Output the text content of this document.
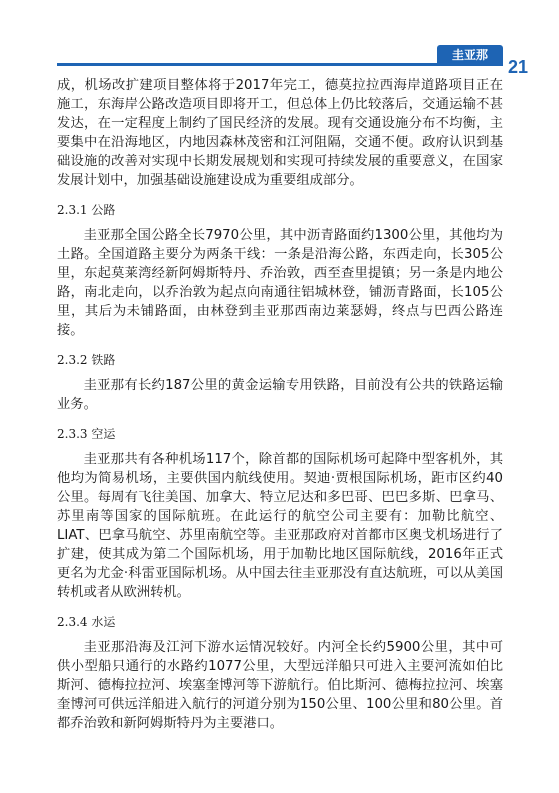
圭亚那
21

成，机场改扩建项目整体将于2017年完工，德莫拉拉西海岸道路项目正在施工，东海岸公路改造项目即将开工，但总体上仍比较落后，交通运输不甚发达，在一定程度上制约了国民经济的发展。现有交通设施分布不均衡，主要集中在沿海地区，内地因森林茂密和江河阻隔，交通不便。政府认识到基础设施的改善对实现中长期发展规划和实现可持续发展的重要意义，在国家发展计划中，加强基础设施建设成为重要组成部分。

2.3.1 公路

圭亚那全国公路全长7970公里，其中沥青路面约1300公里，其他均为土路。全国道路主要分为两条干线：一条是沿海公路，东西走向，长305公里，东起莫莱湾经新阿姆斯特丹、乔治敦，西至查里提镇；另一条是内地公路，南北走向，以乔治敦为起点向南通往铝城林登，铺沥青路面，长105公里，其后为未铺路面，由林登到圭亚那西南边莱瑟姆，终点与巴西公路连接。

2.3.2 铁路

圭亚那有长约187公里的黄金运输专用铁路，目前没有公共的铁路运输业务。

2.3.3 空运

圭亚那共有各种机场117个，除首都的国际机场可起降中型客机外，其他均为简易机场，主要供国内航线使用。契迪·贾根国际机场，距市区约40公里。每周有飞往美国、加拿大、特立尼达和多巴哥、巴巴多斯、巴拿马、苏里南等国家的国际航班。在此运行的航空公司主要有：加勒比航空、LIAT、巴拿马航空、苏里南航空等。圭亚那政府对首都市区奥戈机场进行了扩建，使其成为第二个国际机场，用于加勒比地区国际航线，2016年正式更名为尤金·科雷亚国际机场。从中国去往圭亚那没有直达航班，可以从美国转机或者从欧洲转机。

2.3.4 水运

圭亚那沿海及江河下游水运情况较好。内河全长约5900公里，其中可供小型船只通行的水路约1077公里，大型远洋船只可进入主要河流如伯比斯河、德梅拉拉河、埃塞奎博河等下游航行。伯比斯河、德梅拉拉河、埃塞奎博河可供远洋船进入航行的河道分别为150公里、100公里和80公里。首都乔治敦和新阿姆斯特丹为主要港口。
